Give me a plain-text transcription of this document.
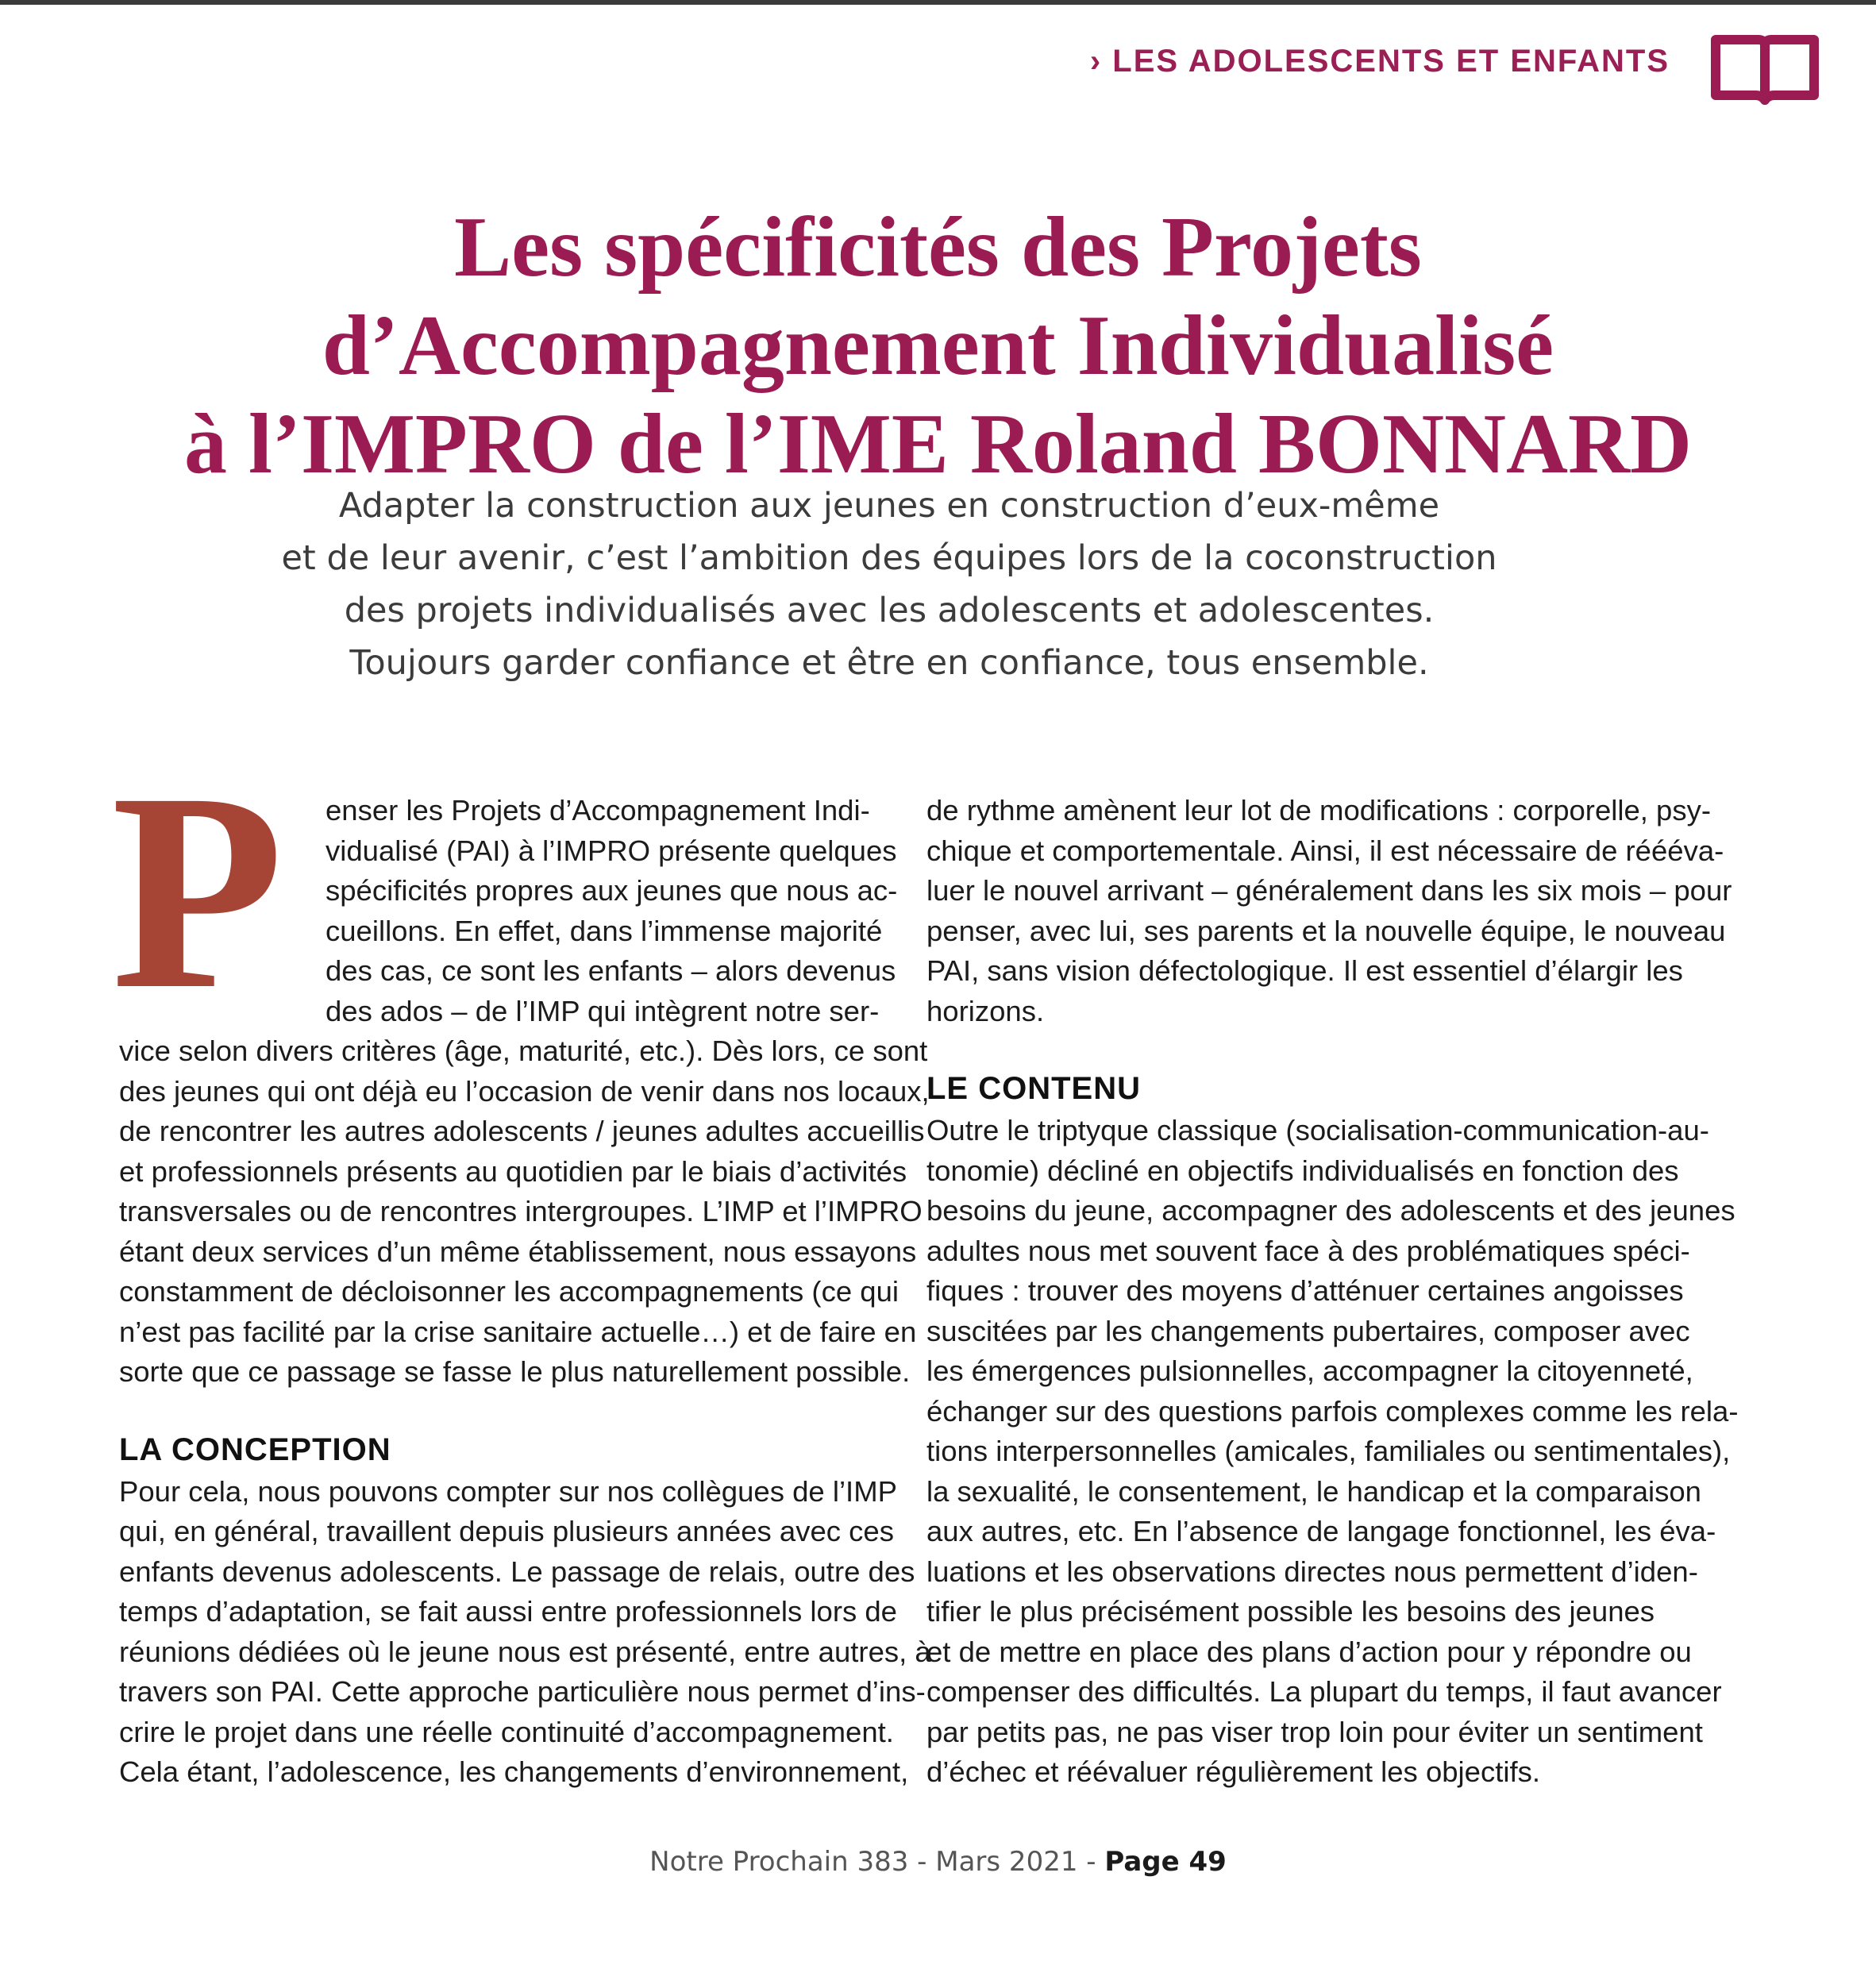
› LES ADOLESCENTS ET ENFANTS
Les spécificités des Projets
d’Accompagnement Individualisé
à l’IMPRO de l’IME Roland BONNARD
Adapter la construction aux jeunes en construction d’eux-même
et de leur avenir, c’est l’ambition des équipes lors de la coconstruction
des projets individualisés avec les adolescents et adolescentes.
Toujours garder confiance et être en confiance, tous ensemble.
P	enser les Projets d’Accompagnement Indi-
vidualisé (PAI) à l’IMPRO présente quelques
spécificités propres aux jeunes que nous ac-
cueillons. En effet, dans l’immense majorité
des cas, ce sont les enfants – alors devenus
des ados – de l’IMP qui intègrent notre ser-
vice selon divers critères (âge, maturité, etc.). Dès lors, ce sont
des jeunes qui ont déjà eu l’occasion de venir dans nos locaux,
de rencontrer les autres adolescents / jeunes adultes accueillis
et professionnels présents au quotidien par le biais d’activités
transversales ou de rencontres intergroupes. L’IMP et l’IMPRO
étant deux services d’un même établissement, nous essayons
constamment de décloisonner les accompagnements (ce qui
n’est pas facilité par la crise sanitaire actuelle…) et de faire en
sorte que ce passage se fasse le plus naturellement possible.
LA CONCEPTION
Pour cela, nous pouvons compter sur nos collègues de l’IMP
qui, en général, travaillent depuis plusieurs années avec ces
enfants devenus adolescents. Le passage de relais, outre des
temps d’adaptation, se fait aussi entre professionnels lors de
réunions dédiées où le jeune nous est présenté, entre autres, à
travers son PAI. Cette approche particulière nous permet d’ins-
crire le projet dans une réelle continuité d’accompagnement.
Cela étant, l’adolescence, les changements d’environnement,
de rythme amènent leur lot de modifications : corporelle, psy-
chique et comportementale. Ainsi, il est nécessaire de réééva-
luer le nouvel arrivant – généralement dans les six mois – pour
penser, avec lui, ses parents et la nouvelle équipe, le nouveau
PAI, sans vision défectologique. Il est essentiel d’élargir les
horizons.
LE CONTENU
Outre le triptyque classique (socialisation-communication-au-
tonomie) décliné en objectifs individualisés en fonction des
besoins du jeune, accompagner des adolescents et des jeunes
adultes nous met souvent face à des problématiques spéci-
fiques : trouver des moyens d’atténuer certaines angoisses
suscitées par les changements pubertaires, composer avec
les émergences pulsionnelles, accompagner la citoyenneté,
échanger sur des questions parfois complexes comme les rela-
tions interpersonnelles (amicales, familiales ou sentimentales),
la sexualité, le consentement, le handicap et la comparaison
aux autres, etc. En l’absence de langage fonctionnel, les éva-
luations et les observations directes nous permettent d’iden-
tifier le plus précisément possible les besoins des jeunes
et de mettre en place des plans d’action pour y répondre ou
compenser des difficultés. La plupart du temps, il faut avancer
par petits pas, ne pas viser trop loin pour éviter un sentiment
d’échec et réévaluer régulièrement les objectifs.
Notre Prochain 383 - Mars 2021 - Page 49
